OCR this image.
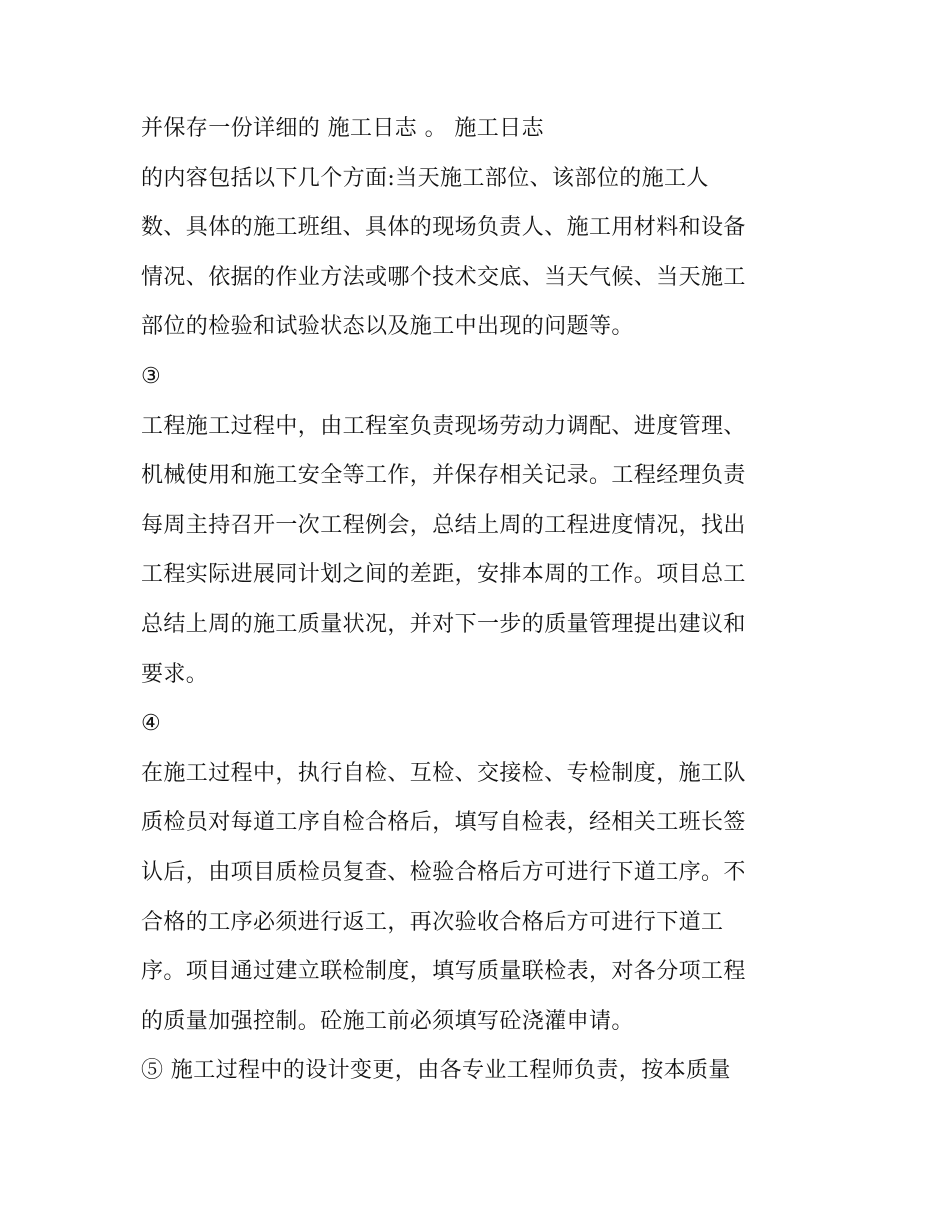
并保存一份详细的 施工日志 。 施工日志
的内容包括以下几个方面:当天施工部位、该部位的施工人
数、具体的施工班组、具体的现场负责人、施工用材料和设备
情况、依据的作业方法或哪个技术交底、当天气候、当天施工
部位的检验和试验状态以及施工中出现的问题等。
③
工程施工过程中，由工程室负责现场劳动力调配、进度管理、
机械使用和施工安全等工作，并保存相关记录。工程经理负责
每周主持召开一次工程例会，总结上周的工程进度情况，找出
工程实际进展同计划之间的差距，安排本周的工作。项目总工
总结上周的施工质量状况，并对下一步的质量管理提出建议和
要求。
④
在施工过程中，执行自检、互检、交接检、专检制度，施工队
质检员对每道工序自检合格后，填写自检表，经相关工班长签
认后，由项目质检员复查、检验合格后方可进行下道工序。不
合格的工序必须进行返工，再次验收合格后方可进行下道工
序。项目通过建立联检制度，填写质量联检表，对各分项工程
的质量加强控制。砼施工前必须填写砼浇灌申请。
⑤ 施工过程中的设计变更，由各专业工程师负责，按本质量
